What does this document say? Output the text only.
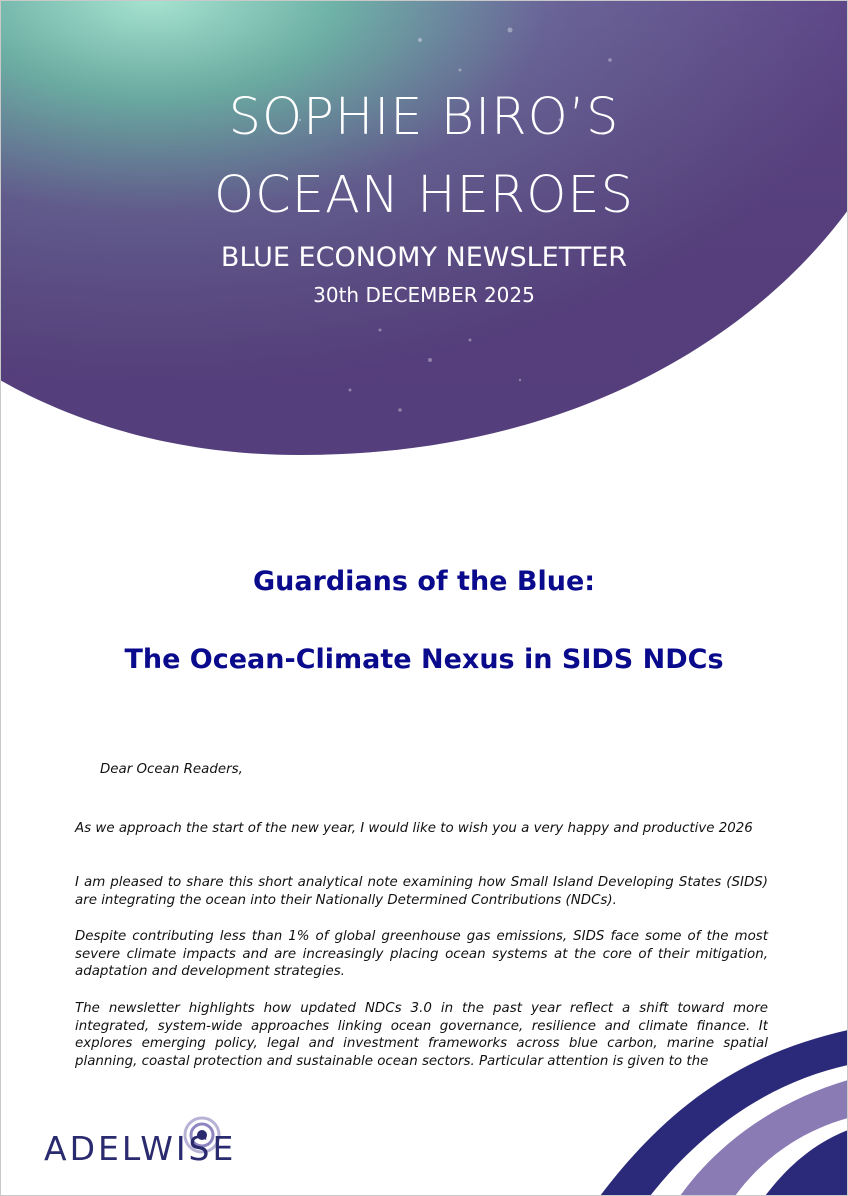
SOPHIE BIRO’S
OCEAN HEROES
BLUE ECONOMY NEWSLETTER
30th DECEMBER 2025
Guardians of the Blue:
The Ocean-Climate Nexus in SIDS NDCs
Dear Ocean Readers,
As we approach the start of the new year, I would like to wish you a very happy and productive 2026
I am pleased to share this short analytical note examining how Small Island Developing States (SIDS) are integrating the ocean into their Nationally Determined Contributions (NDCs).
Despite contributing less than 1% of global greenhouse gas emissions, SIDS face some of the most severe climate impacts and are increasingly placing ocean systems at the core of their mitigation, adaptation and development strategies.
The newsletter highlights how updated NDCs 3.0 in the past year reflect a shift toward more integrated, system-wide approaches linking ocean governance, resilience and climate finance. It explores emerging policy, legal and investment frameworks across blue carbon, marine spatial planning, coastal protection and sustainable ocean sectors. Particular attention is given to the
ADELWISE
